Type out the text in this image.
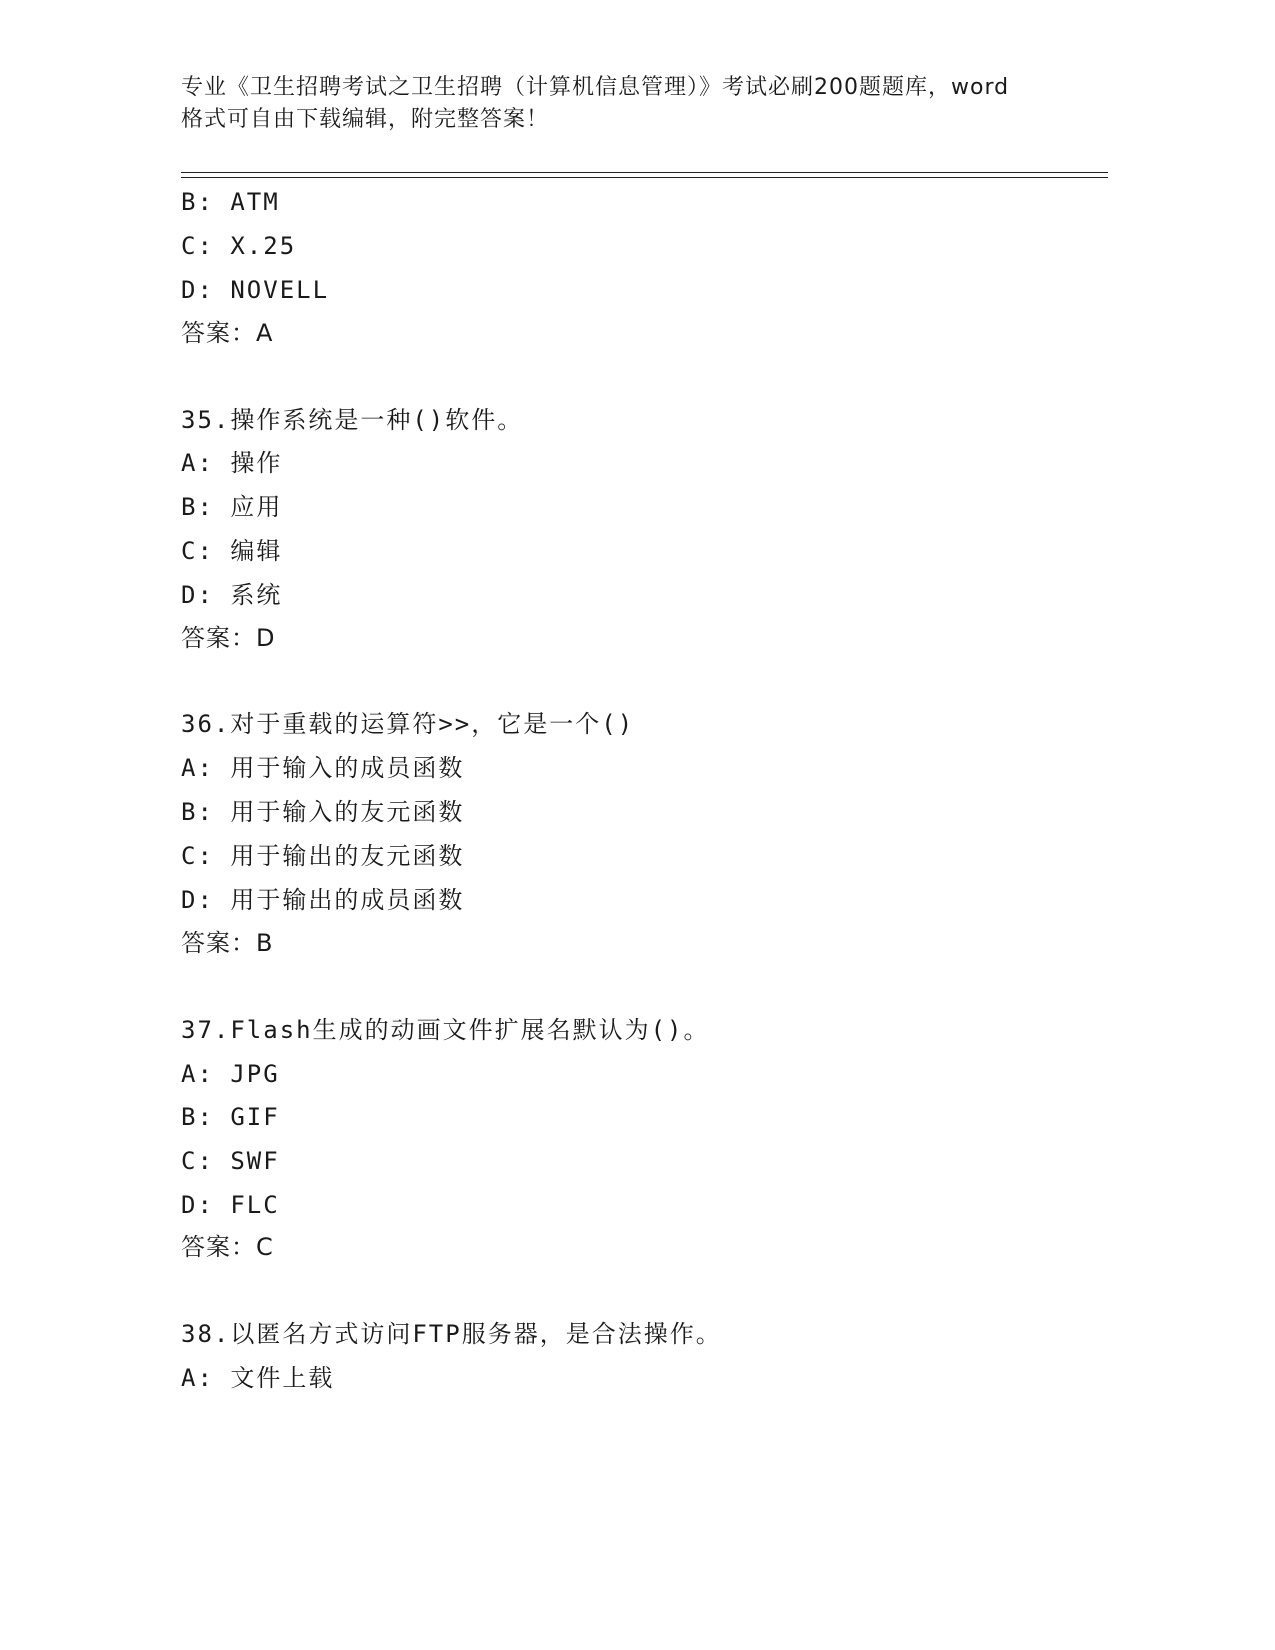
专业《卫生招聘考试之卫生招聘（计算机信息管理）》考试必刷200题题库，word
格式可自由下载编辑，附完整答案！
B: ATM
C: X.25
D: NOVELL
答案：A
35.操作系统是一种()软件。
A: 操作
B: 应用
C: 编辑
D: 系统
答案：D
36.对于重载的运算符>>，它是一个()
A: 用于输入的成员函数
B: 用于输入的友元函数
C: 用于输出的友元函数
D: 用于输出的成员函数
答案：B
37.Flash生成的动画文件扩展名默认为()。
A: JPG
B: GIF
C: SWF
D: FLC
答案：C
38.以匿名方式访问FTP服务器，是合法操作。
A: 文件上载
